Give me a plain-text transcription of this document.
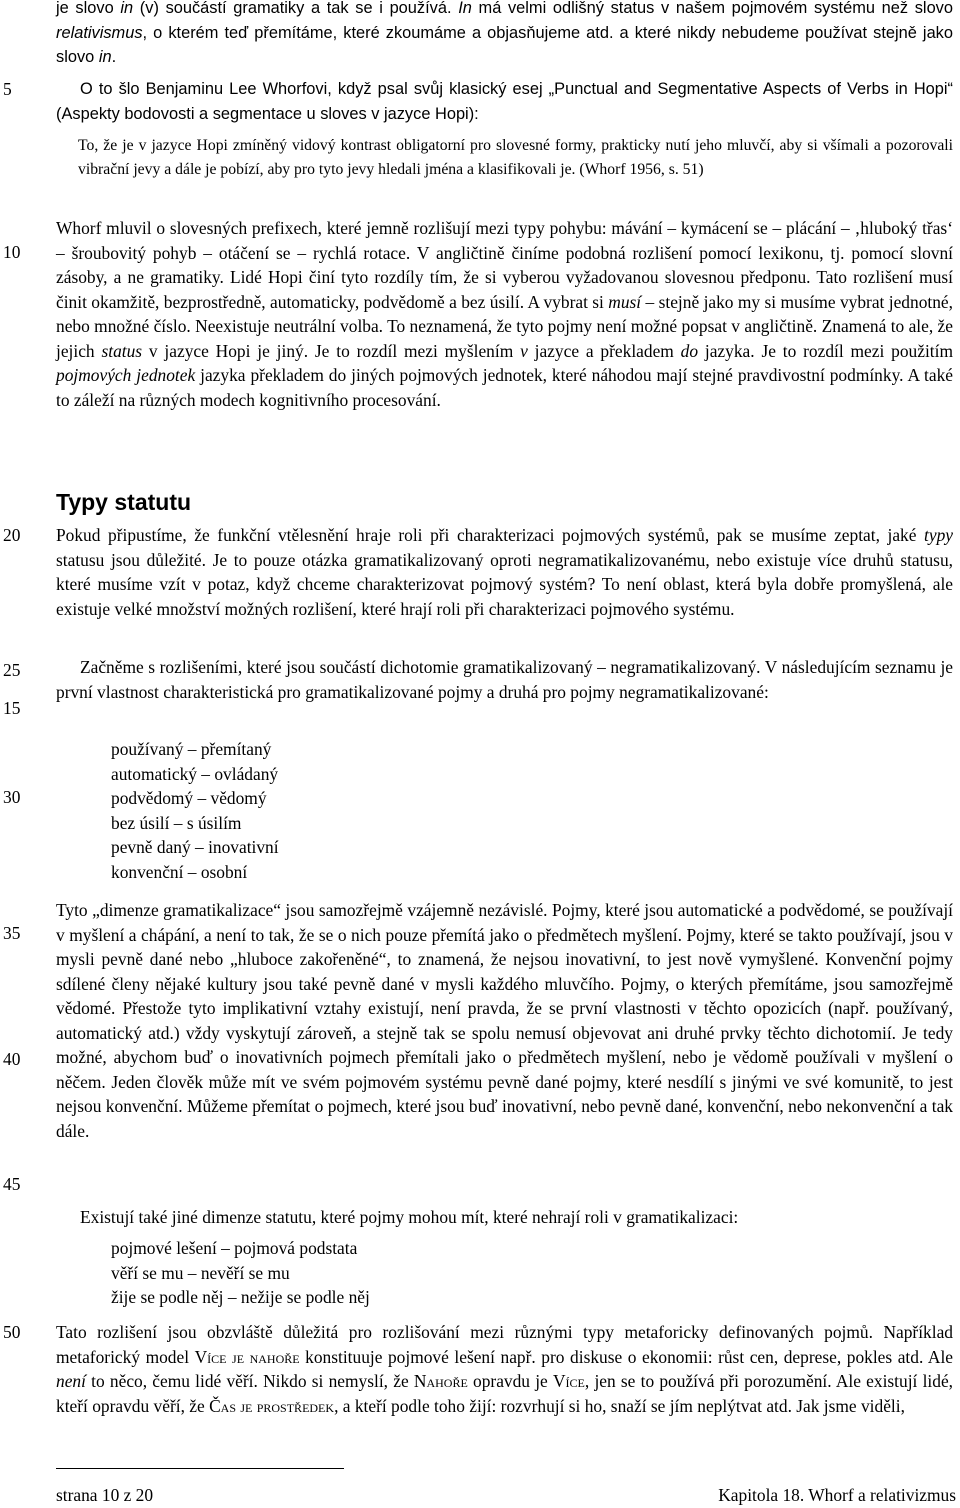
5
10
15
20
25
30
35
40
45
50

je slovo in (v) součástí gramatiky a tak se i používá. In má velmi odlišný status v našem pojmovém systému než slovo relativismus, o kterém teď přemítáme, které zkoumáme a objasňujeme atd. a které nikdy nebudeme používat stejně jako slovo in.

O to šlo Benjaminu Lee Whorfovi, když psal svůj klasický esej „Punctual and Segmentative Aspects of Verbs in Hopi“ (Aspekty bodovosti a segmentace u sloves v jazyce Hopi):

To, že je v jazyce Hopi zmíněný vidový kontrast obligatorní pro slovesné formy, prakticky nutí jeho mluvčí, aby si všímali a pozorovali vibrační jevy a dále je pobízí, aby pro tyto jevy hledali jména a klasifikovali je. (Whorf 1956, s. 51)

Whorf mluvil o slovesných prefixech, které jemně rozlišují mezi typy pohybu: mávání – kymácení se – plácání – ‚hluboký třas‘ – šroubovitý pohyb – otáčení se – rychlá rotace. V angličtině činíme podobná rozlišení pomocí lexikonu, tj. pomocí slovní zásoby, a ne gramatiky. Lidé Hopi činí tyto rozdíly tím, že si vyberou vyžadovanou slovesnou předponu. Tato rozlišení musí činit okamžitě, bezprostředně, automaticky, podvědomě a bez úsilí. A vybrat si musí – stejně jako my si musíme vybrat jednotné, nebo množné číslo. Neexistuje neutrální volba. To neznamená, že tyto pojmy není možné popsat v angličtině. Znamená to ale, že jejich status v jazyce Hopi je jiný. Je to rozdíl mezi myšlením v jazyce a překladem do jazyka. Je to rozdíl mezi použitím pojmových jednotek jazyka překladem do jiných pojmových jednotek, které náhodou mají stejné pravdivostní podmínky. A také to záleží na různých modech kognitivního procesování.

Typy statutu

Pokud připustíme, že funkční vtělesnění hraje roli při charakterizaci pojmových systémů, pak se musíme zeptat, jaké typy statusu jsou důležité. Je to pouze otázka gramatikalizovaný oproti negramatikalizovanému, nebo existuje více druhů statusu, které musíme vzít v potaz, když chceme charakterizovat pojmový systém? To není oblast, která byla dobře promyšlená, ale existuje velké množství možných rozlišení, které hrají roli při charakterizaci pojmového systému.

Začněme s rozlišeními, které jsou součástí dichotomie gramatikalizovaný – negramatikalizovaný. V následujícím seznamu je první vlastnost charakteristická pro gramatikalizované pojmy a druhá pro pojmy negramatikalizované:

používaný – přemítaný
automatický – ovládaný
podvědomý – vědomý
bez úsilí – s úsilím
pevně daný – inovativní
konvenční – osobní

Tyto „dimenze gramatikalizace“ jsou samozřejmě vzájemně nezávislé. Pojmy, které jsou automatické a podvědomé, se používají v myšlení a chápání, a není to tak, že se o nich pouze přemítá jako o předmětech myšlení. Pojmy, které se takto používají, jsou v mysli pevně dané nebo „hluboce zakořeněné“, to znamená, že nejsou inovativní, to jest nově vymyšlené. Konvenční pojmy sdílené členy nějaké kultury jsou také pevně dané v mysli každého mluvčího. Pojmy, o kterých přemítáme, jsou samozřejmě vědomé. Přestože tyto implikativní vztahy existují, není pravda, že se první vlastnosti v těchto opozicích (např. používaný, automatický atd.) vždy vyskytují zároveň, a stejně tak se spolu nemusí objevovat ani druhé prvky těchto dichotomií. Je tedy možné, abychom buď o inovativních pojmech přemítali jako o předmětech myšlení, nebo je vědomě používali v myšlení o něčem. Jeden člověk může mít ve svém pojmovém systému pevně dané pojmy, které nesdílí s jinými ve své komunitě, to jest nejsou konvenční. Můžeme přemítat o pojmech, které jsou buď inovativní, nebo pevně dané, konvenční, nebo nekonvenční a tak dále.

Existují také jiné dimenze statutu, které pojmy mohou mít, které nehrají roli v gramatikalizaci:

pojmové lešení – pojmová podstata
věří se mu – nevěří se mu
žije se podle něj – nežije se podle něj

Tato rozlišení jsou obzvláště důležitá pro rozlišování mezi různými typy metaforicky definovaných pojmů. Například metaforický model Více je nahoře konstituuje pojmové lešení např. pro diskuse o ekonomii: růst cen, deprese, pokles atd. Ale není to něco, čemu lidé věří. Nikdo si nemyslí, že Nahoře opravdu je Více, jen se to používá při porozumění. Ale existují lidé, kteří opravdu věří, že Čas je prostředek, a kteří podle toho žijí: rozvrhují si ho, snaží se jím neplýtvat atd. Jak jsme viděli,

strana 10 z 20	Kapitola 18. Whorf a relativizmus
